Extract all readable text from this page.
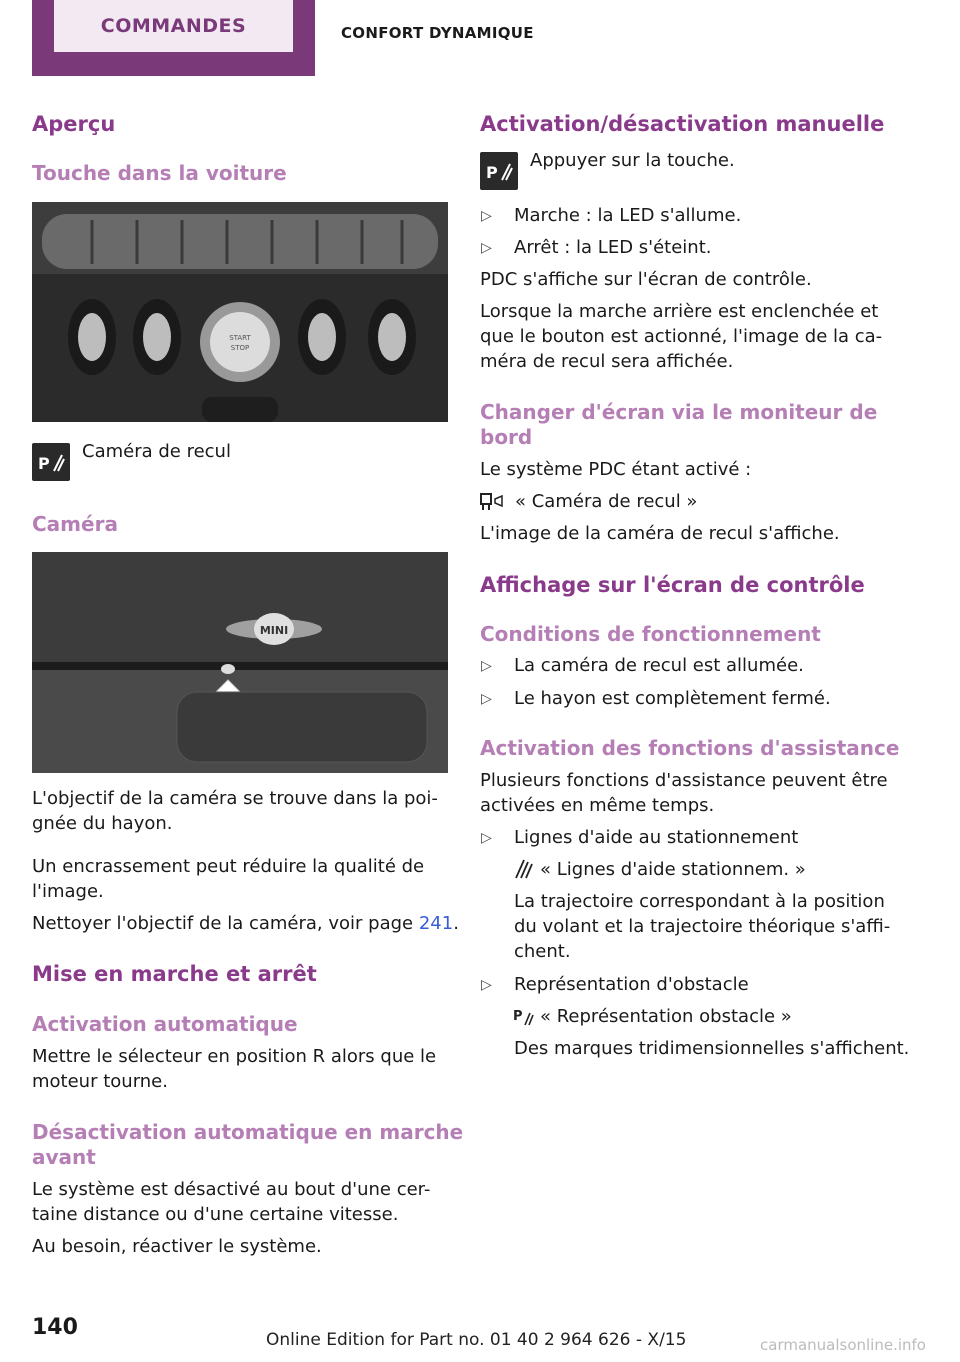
COMMANDES	CONFORT DYNAMIQUE
Aperçu
Touche dans la voiture
START
STOP
P
Caméra de recul
Caméra
MINI
L'objectif de la caméra se trouve dans la poi-
gnée du hayon.
Un encrassement peut réduire la qualité de
l'image.
Nettoyer l'objectif de la caméra, voir page 241.
Mise en marche et arrêt
Activation automatique
Mettre le sélecteur en position R alors que le
moteur tourne.
Désactivation automatique en marche
avant
Le système est désactivé au bout d'une cer-
taine distance ou d'une certaine vitesse.
Au besoin, réactiver le système.
Activation/désactivation manuelle
P
Appuyer sur la touche.
▷ Marche : la LED s'allume.
▷ Arrêt : la LED s'éteint.
PDC s'affiche sur l'écran de contrôle.
Lorsque la marche arrière est enclenchée et
que le bouton est actionné, l'image de la ca-
méra de recul sera affichée.
Changer d'écran via le moniteur de
bord
Le système PDC étant activé :
« Caméra de recul »
L'image de la caméra de recul s'affiche.
Affichage sur l'écran de contrôle
Conditions de fonctionnement
▷ La caméra de recul est allumée.
▷ Le hayon est complètement fermé.
Activation des fonctions d'assistance
Plusieurs fonctions d'assistance peuvent être
activées en même temps.
▷ Lignes d'aide au stationnement
« Lignes d'aide stationnem. »
La trajectoire correspondant à la position
du volant et la trajectoire théorique s'affi-
chent.
▷ Représentation d'obstacle
P « Représentation obstacle »
Des marques tridimensionnelles s'affichent.
140	Online Edition for Part no. 01 40 2 964 626 - X/15	carmanualsonline.info
